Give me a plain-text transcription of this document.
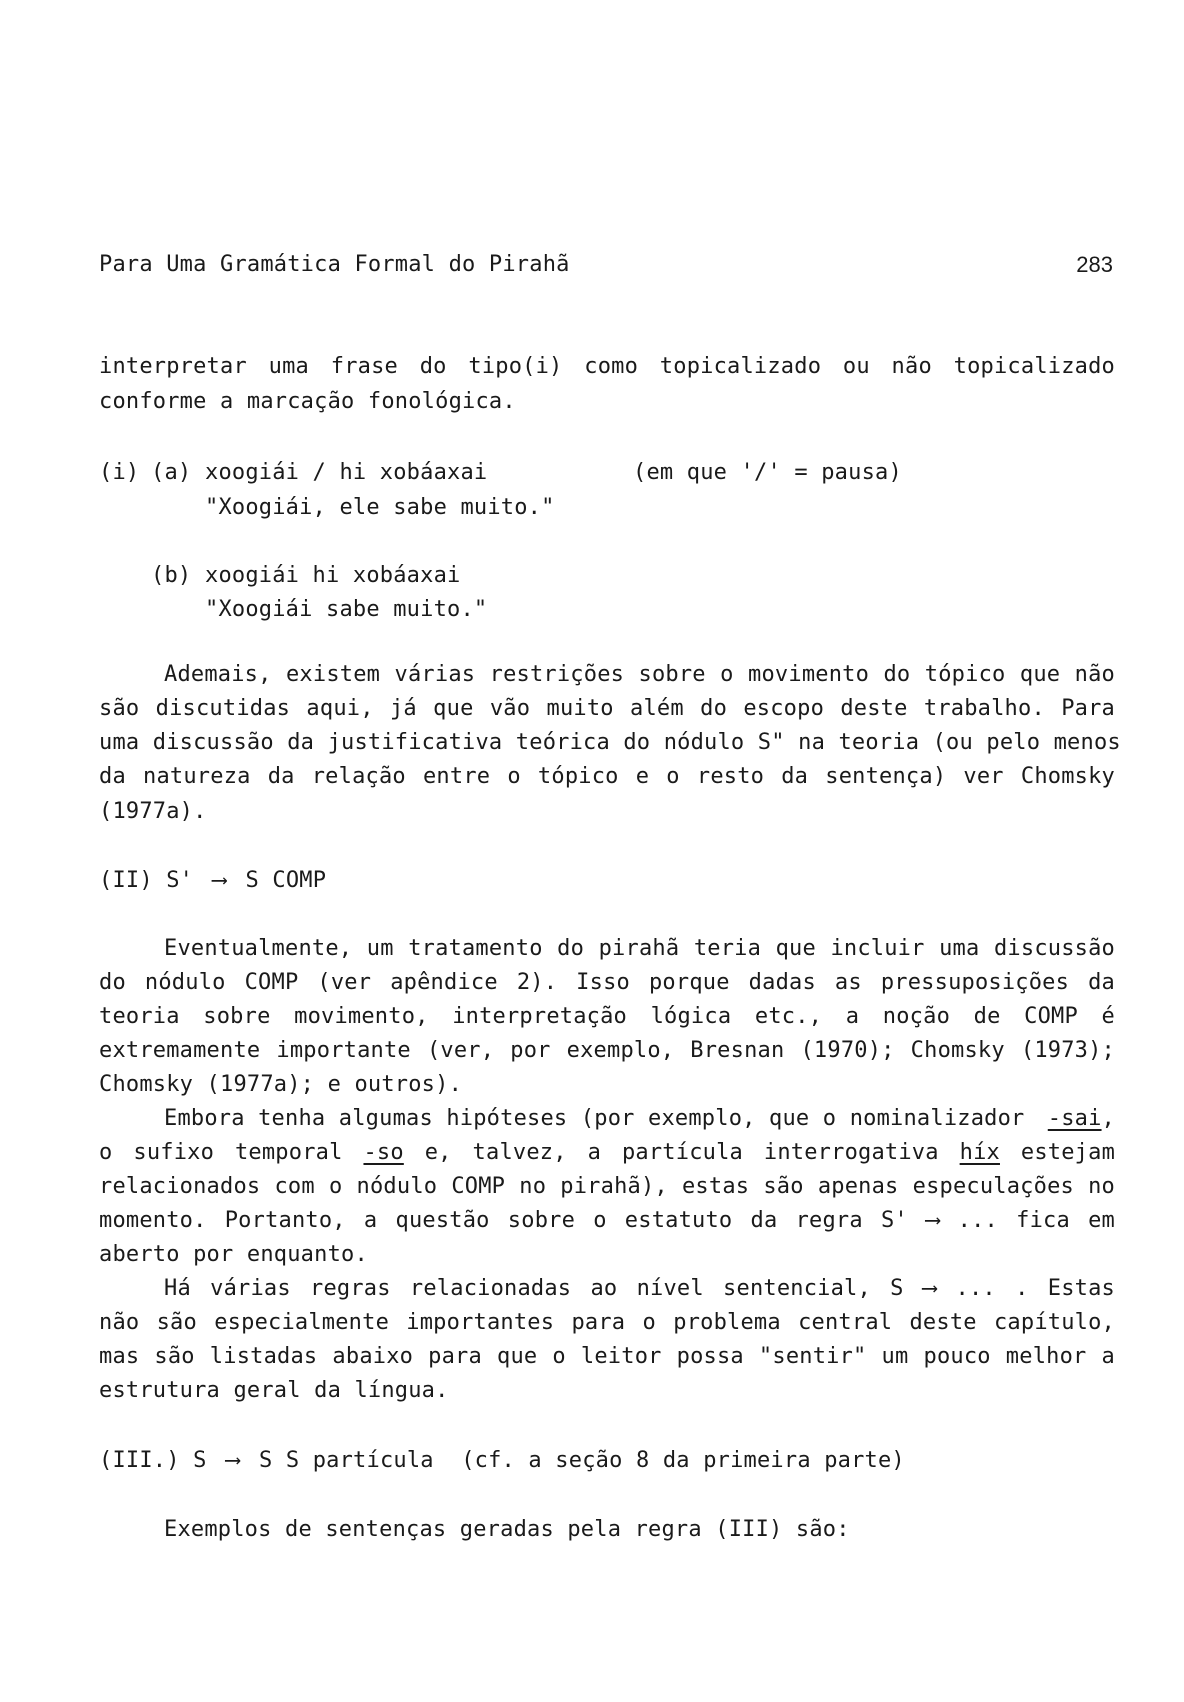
Para Uma Gramática Formal do Pirahã	283
interpretar uma frase do tipo(i) como topicalizado ou não topicalizado
conforme a marcação fonológica.
(i) (a) xoogiái / hi xobáaxai	(em que '/' = pausa)
"Xoogiái, ele sabe muito."
(b) xoogiái hi xobáaxai
"Xoogiái sabe muito."
Ademais, existem várias restrições sobre o movimento do tópico que não
são discutidas aqui, já que vão muito além do escopo deste trabalho. Para
uma discussão da justificativa teórica do nódulo S" na teoria (ou pelo menos
da natureza da relação entre o tópico e o resto da sentença) ver Chomsky
(1977a).
(II) S' ⟶ S COMP
Eventualmente, um tratamento do pirahã teria que incluir uma discussão
do nódulo COMP (ver apêndice 2). Isso porque dadas as pressuposições da
teoria sobre movimento, interpretação lógica etc., a noção de COMP é
extremamente importante (ver, por exemplo, Bresnan (1970); Chomsky (1973);
Chomsky (1977a); e outros).
Embora tenha algumas hipóteses (por exemplo, que o nominalizador -sai,
o sufixo temporal -so e, talvez, a partícula interrogativa híx estejam
relacionados com o nódulo COMP no pirahã), estas são apenas especulações no
momento. Portanto, a questão sobre o estatuto da regra S' ⟶ ... fica em
aberto por enquanto.
Há várias regras relacionadas ao nível sentencial, S ⟶ ... . Estas
não são especialmente importantes para o problema central deste capítulo,
mas são listadas abaixo para que o leitor possa "sentir" um pouco melhor a
estrutura geral da língua.
(III.) S ⟶ S S partícula (cf. a seção 8 da primeira parte)
Exemplos de sentenças geradas pela regra (III) são:
